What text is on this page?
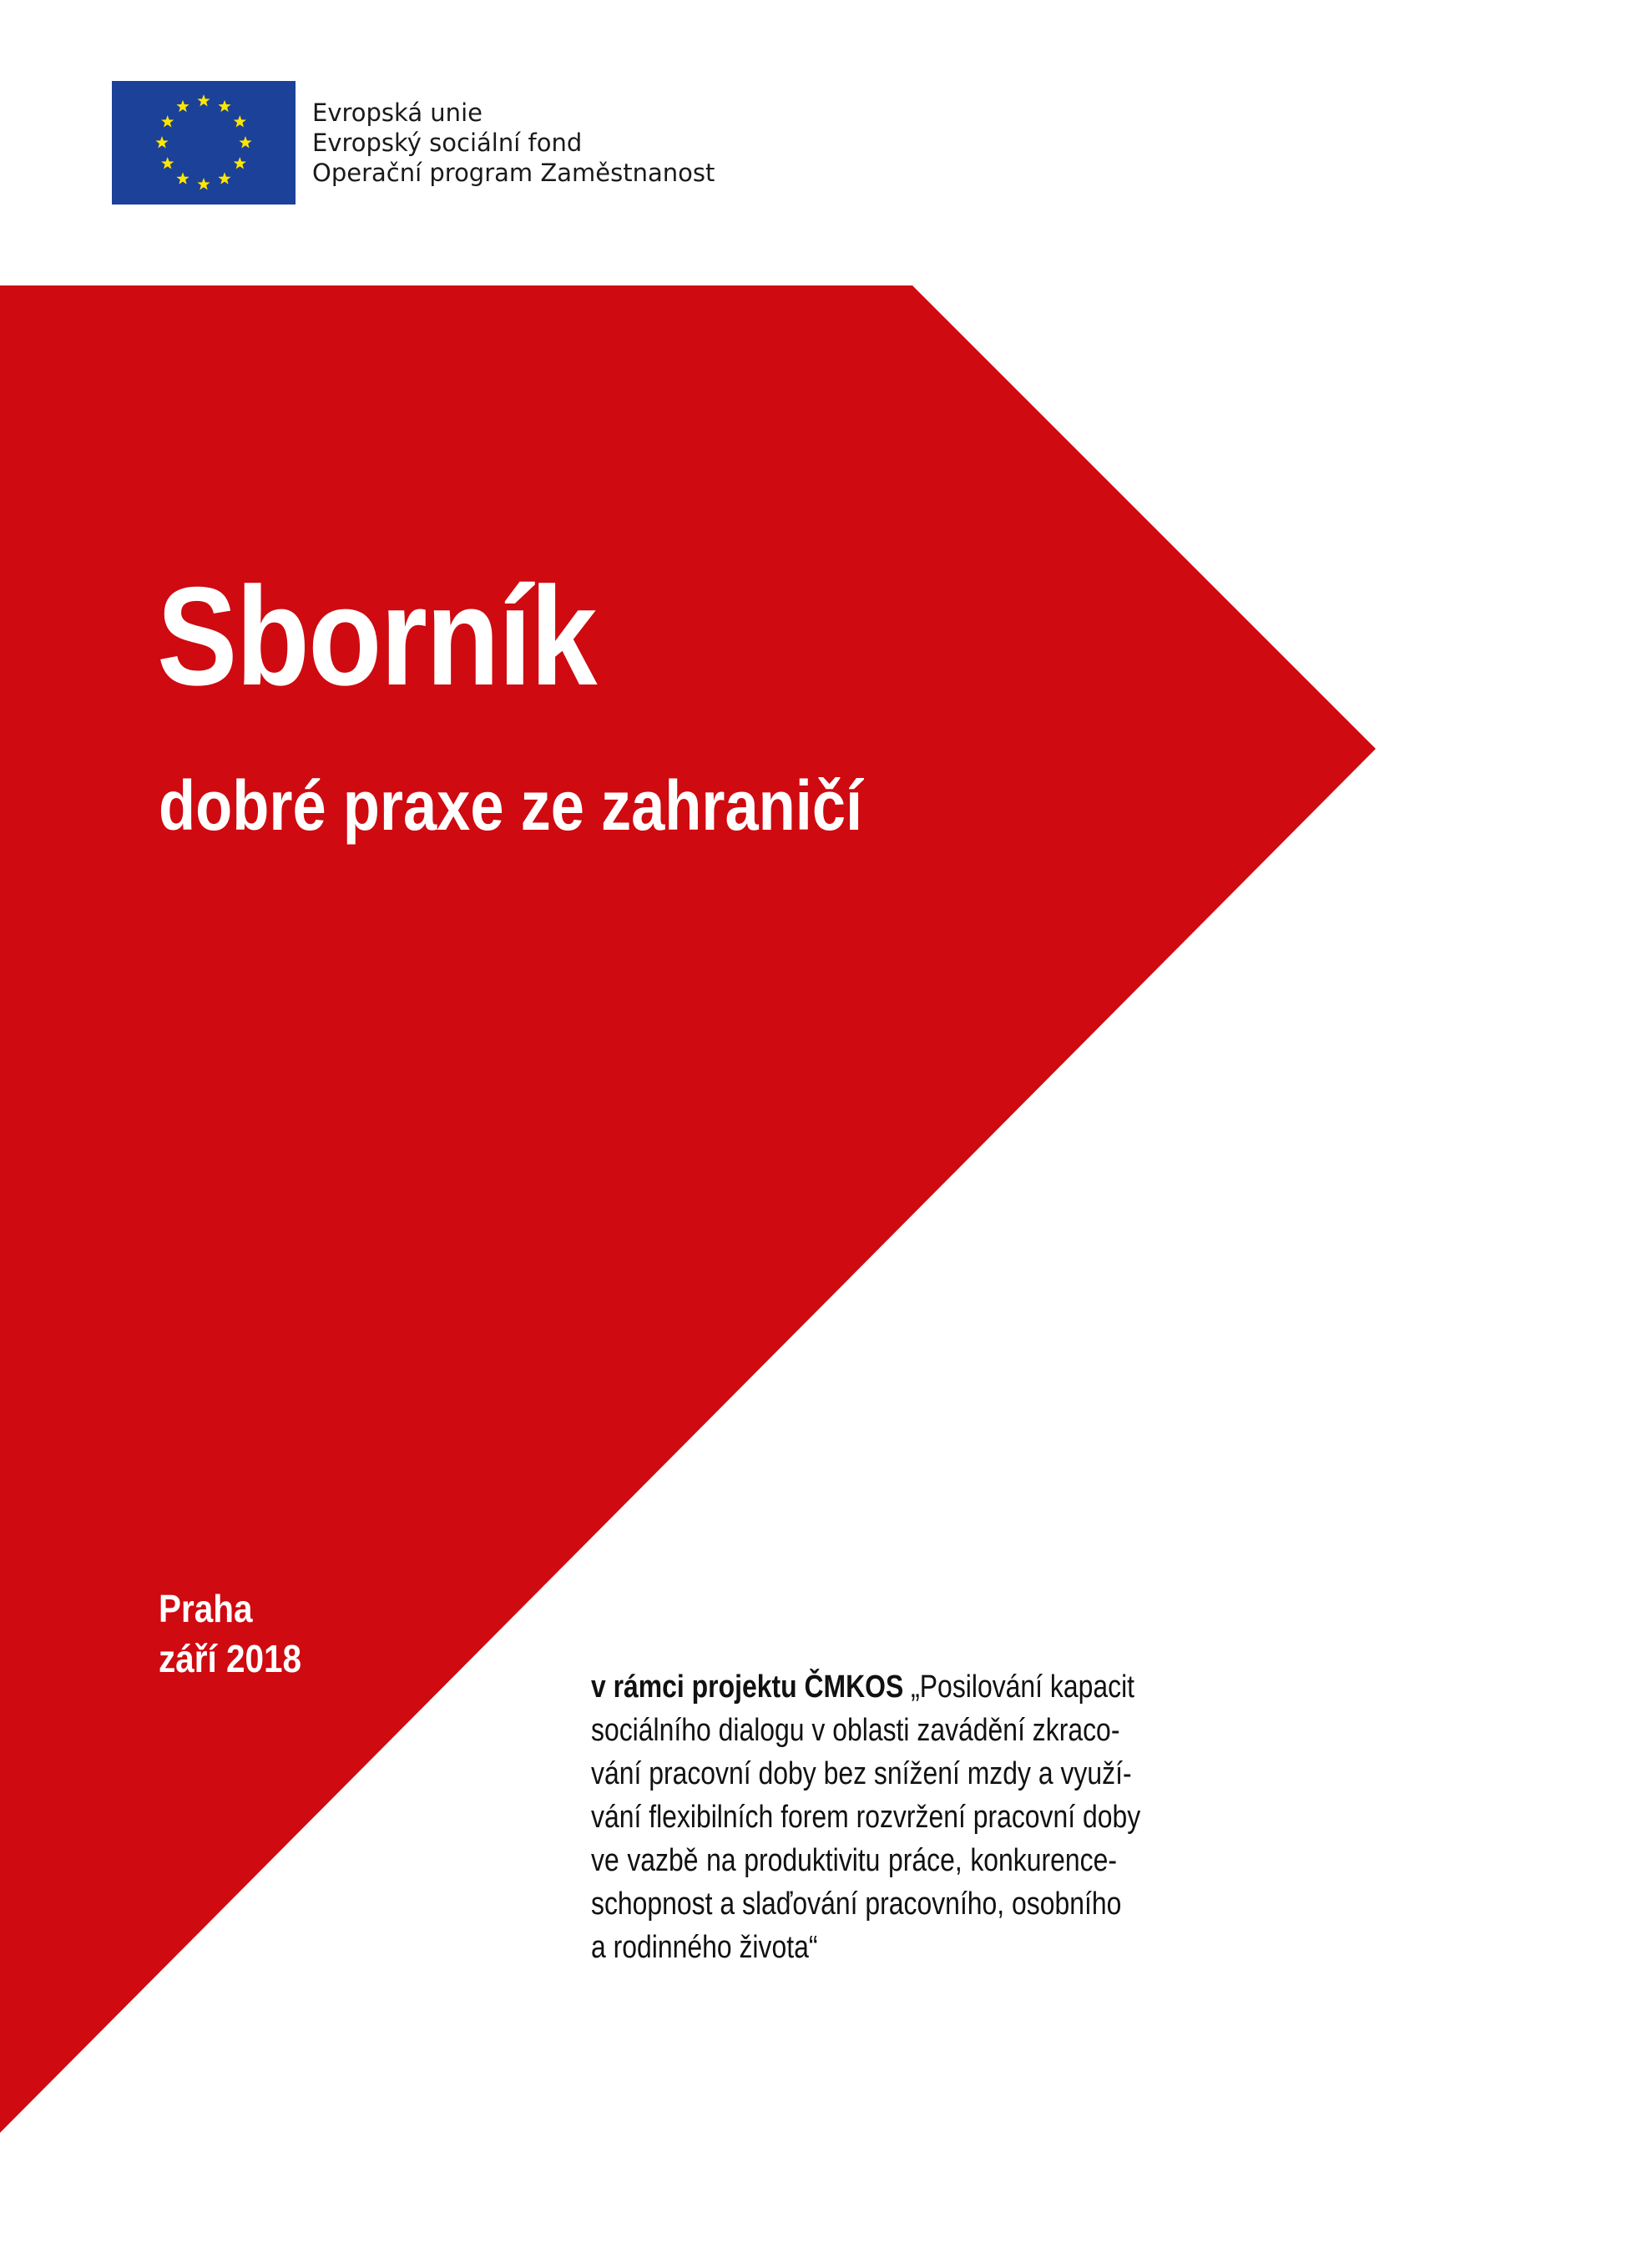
Evropská unie
Evropský sociální fond
Operační program Zaměstnanost
Sborník
dobré praxe ze zahraničí
Praha
září 2018
v rámci projektu ČMKOS „Posilování kapacit
sociálního dialogu v oblasti zavádění zkraco-
vání pracovní doby bez snížení mzdy a využí-
vání flexibilních forem rozvržení pracovní doby
ve vazbě na produktivitu práce, konkurence-
schopnost a slaďování pracovního, osobního
a rodinného života“
